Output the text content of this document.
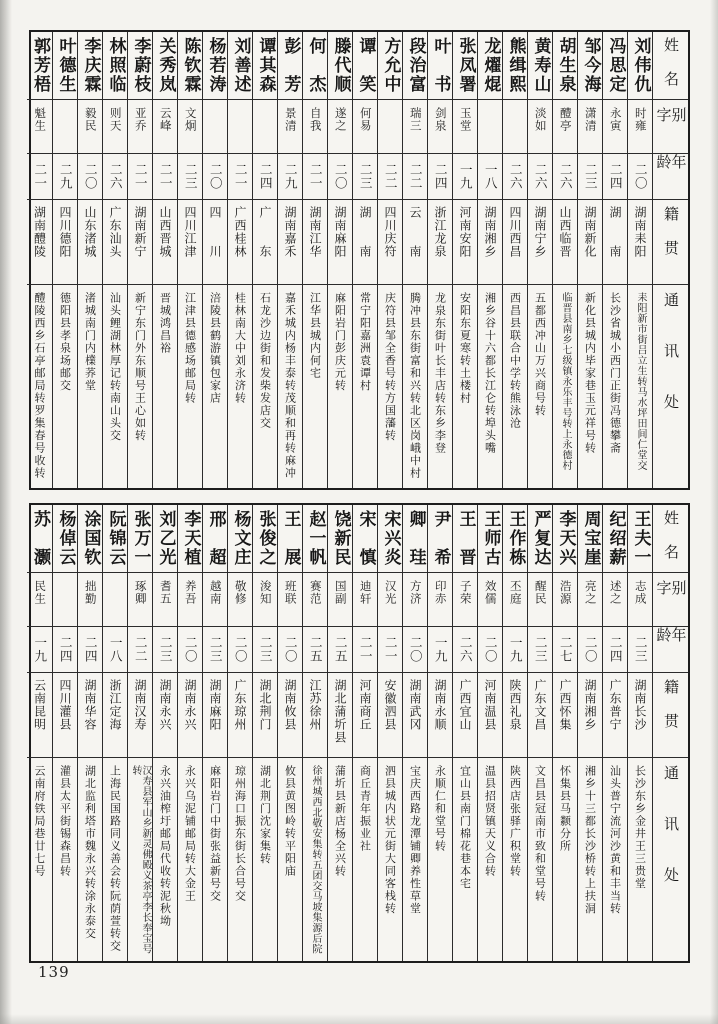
姓　名
别　字
年　龄
籍　贯
通　　讯　　处
刘伟仇
时雍
二〇
湖南耒阳
耒阳新市街吕立生转马水坪田间仁堂交
冯思定
永寅
二四
湖　　南
长沙省城小西门正街冯德攀斋
邹今海
潇清
二三
湖南新化
新化县城内毕家巷玉元祥号转
胡生泉
醴亭
二六
山西临晋
临晋县南乡七级镇永乐丰号转上永德村
黄寿山
淡如
二六
湖南宁乡
五都西冲山万兴商号转
熊缉熙
二六
四川西昌
西昌县联合中学转熊泳沧
龙燿焜
一八
湖南湘乡
湘乡谷十六都长江仑转埠头嘴
张凤署
玉堂
一九
河南安阳
安阳东夏寒转土楼村
叶　书
剑泉
二四
浙江龙泉
龙泉东街叶长丰店转东乡李登
段治富
瑞三
二二
云　　南
腾冲县东街富和兴转北区岗峨中村
方允中
二二
四川庆符
庆符县邹全香号转方国藩转
谭　笑
何易
二三
湖　　南
常宁阳嘉洲袁谭村
滕代顺
遂之
二〇
湖南麻阳
麻阳岩门彭庆元转
何　杰
自我
二一
湖南江华
江华县城内何宅
彭　芳
景清
二九
湖南嘉禾
嘉禾城内杨丰泰转茂顺和再转麻冲
谭其森
二四
广　　东
石龙沙边街和发柴发店交
刘善述
二一
广西桂林
桂林南大中刘永济转
杨若涛
二〇
四　　川
涪陵县鹤游镇包家店
陈钦霖
文炯
二三
四川江津
江津县德感场邮局转
关秀岚
云峰
二一
山西晋城
晋城鸿昌裕
李蔚枝
亚乔
二一
湖南新宁
新宁东门外东顺号王心如转
林照临
则天
二六
广东汕头
汕头鲤湖林厚记转南山头交
李庆霖
毅民
二〇
山东渚城
渚城南门内檏荞堂
叶德生
二九
四川德阳
德阳县孝泉场邮交
郭芳梧
魁生
二一
湖南醴陵
醴陵西乡石亭邮局转罗集春号收转
姓　名
别　字
年　龄
籍　贯
通　　讯　　处
王夫一
志成
二三
湖南长沙
长沙东乡金井王三贵堂
纪绍薪
述之
二四
广东普宁
汕头普宁流河沙黄和丰当转
周宝崖
亮之
二〇
湖南湘乡
湘乡十三都长沙桥转上扶洞
李天兴
浩源
二七
广西怀集
怀集县马颣分所
严复达
醒民
二三
广东文昌
文昌县冠南市致和堂号转
王作栋
丕庭
一九
陕西礼泉
陕西店张驿广积堂转
王师古
效儒
二〇
河南温县
温县招贤镇天义合转
王　晋
子荣
二六
广西宜山
宜山县南门棉花巷本宅
尹　希
印赤
一九
湖南永顺
永顺仁和堂号转
卿　珪
方济
二〇
湖南武冈
宝庆西路龙潭铺卿养性草堂
宋兴炎
汉光
二一
安徽泗县
泗县城内状元街大同客栈转
宋　慎
迪轩
二一
河南商丘
商丘青年振业社
饶新民
国副
二五
湖北蒲圻县
蒲圻县新店杨全兴转
赵一帆
赛范
二五
江苏徐州
徐州城西北敬安集转五团交马坡集源后院
王　展
班联
二〇
湖南攸县
攸县黄图岭转平阳庙
张俊之
浚知
二三
湖北荆门
湖北荆门沈家集转
杨文庄
敬修
二〇
广东琼州
琼州海口振东街长合号交
邢　超
越南
二三
湖南麻阳
麻阳岩门中街张益新号交
李天植
养吾
二〇
湖南永兴
永兴乌泥铺邮局转大金王
刘乙光
耆五
二三
湖南永兴
永兴油榨圩邮局代收转泥秋坳
张万一
琢卿
二二
湖南汉寿
汉寿县军山乡新灵佛殿义茶亭李长奉宝号转
阮锦云
一八
浙江定海
上海民国路同义善会转阮荫萱转交
涂国钦
拙勤
二四
湖南华容
湖北监利塔市魏永兴转涂永泰交
杨倬云
二四
四川灌县
灌县太平街锡森昌转
苏　灏
民生
一九
云南昆明
云南府铁局巷廿七号
139
